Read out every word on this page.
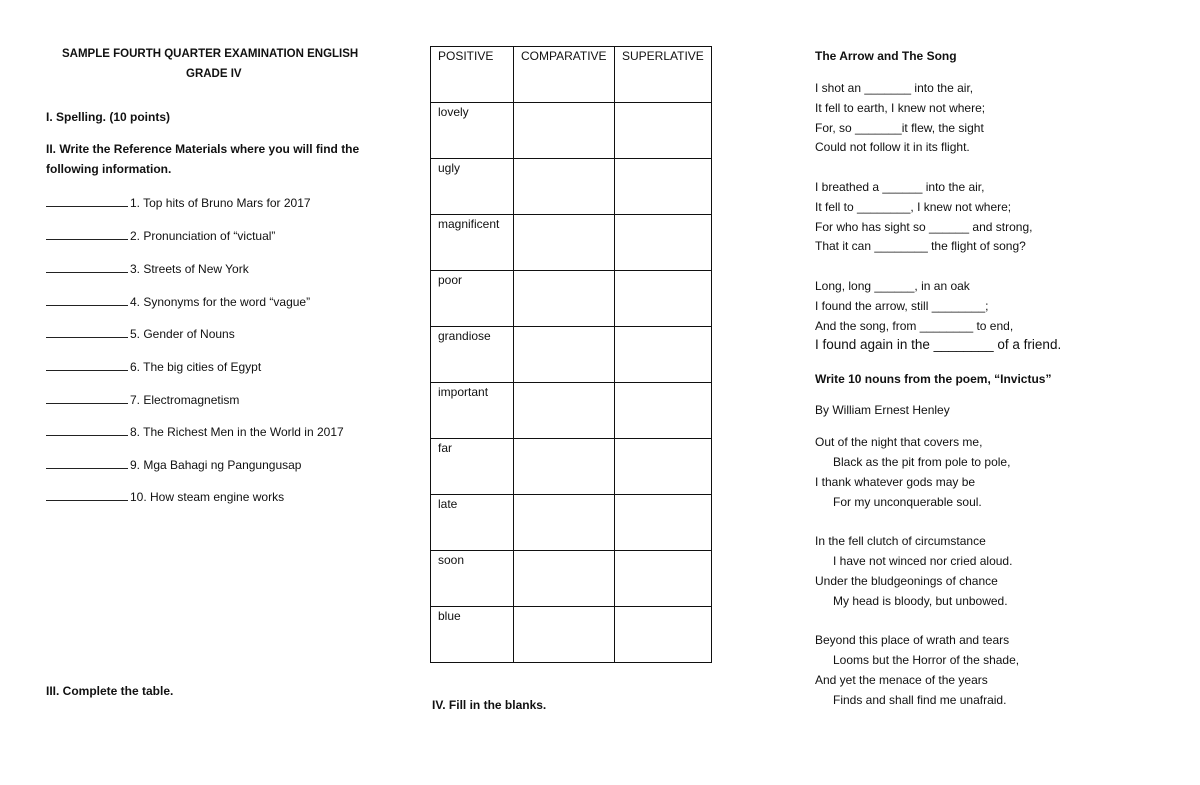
SAMPLE FOURTH QUARTER EXAMINATION ENGLISH
GRADE IV
I. Spelling. (10 points)
II. Write the Reference Materials where you will find the
following information.
1. Top hits of Bruno Mars for 2017
2. Pronunciation of “victual”
3. Streets of New York
4. Synonyms for the word “vague”
5. Gender of Nouns
6. The big cities of Egypt
7. Electromagnetism
8. The Richest Men in the World in 2017
9. Mga Bahagi ng Pangungusap
10. How steam engine works
III. Complete the table.
POSITIVE	COMPARATIVE	SUPERLATIVE
lovely		
ugly		
magnificent		
poor		
grandiose		
important		
far		
late		
soon		
blue		
IV. Fill in the blanks.
The Arrow and The Song
I shot an _______ into the air,
It fell to earth, I knew not where;
For, so _______it flew, the sight
Could not follow it in its flight.
I breathed a ______ into the air,
It fell to ________, I knew not where;
For who has sight so ______ and strong,
That it can ________ the flight of song?
Long, long ______, in an oak
I found the arrow, still ________;
And the song, from ________ to end,
I found again in the ________ of a friend.
Write 10 nouns from the poem, “Invictus”
By William Ernest Henley
Out of the night that covers me,
Black as the pit from pole to pole,
I thank whatever gods may be
For my unconquerable soul.
In the fell clutch of circumstance
I have not winced nor cried aloud.
Under the bludgeonings of chance
My head is bloody, but unbowed.
Beyond this place of wrath and tears
Looms but the Horror of the shade,
And yet the menace of the years
Finds and shall find me unafraid.
